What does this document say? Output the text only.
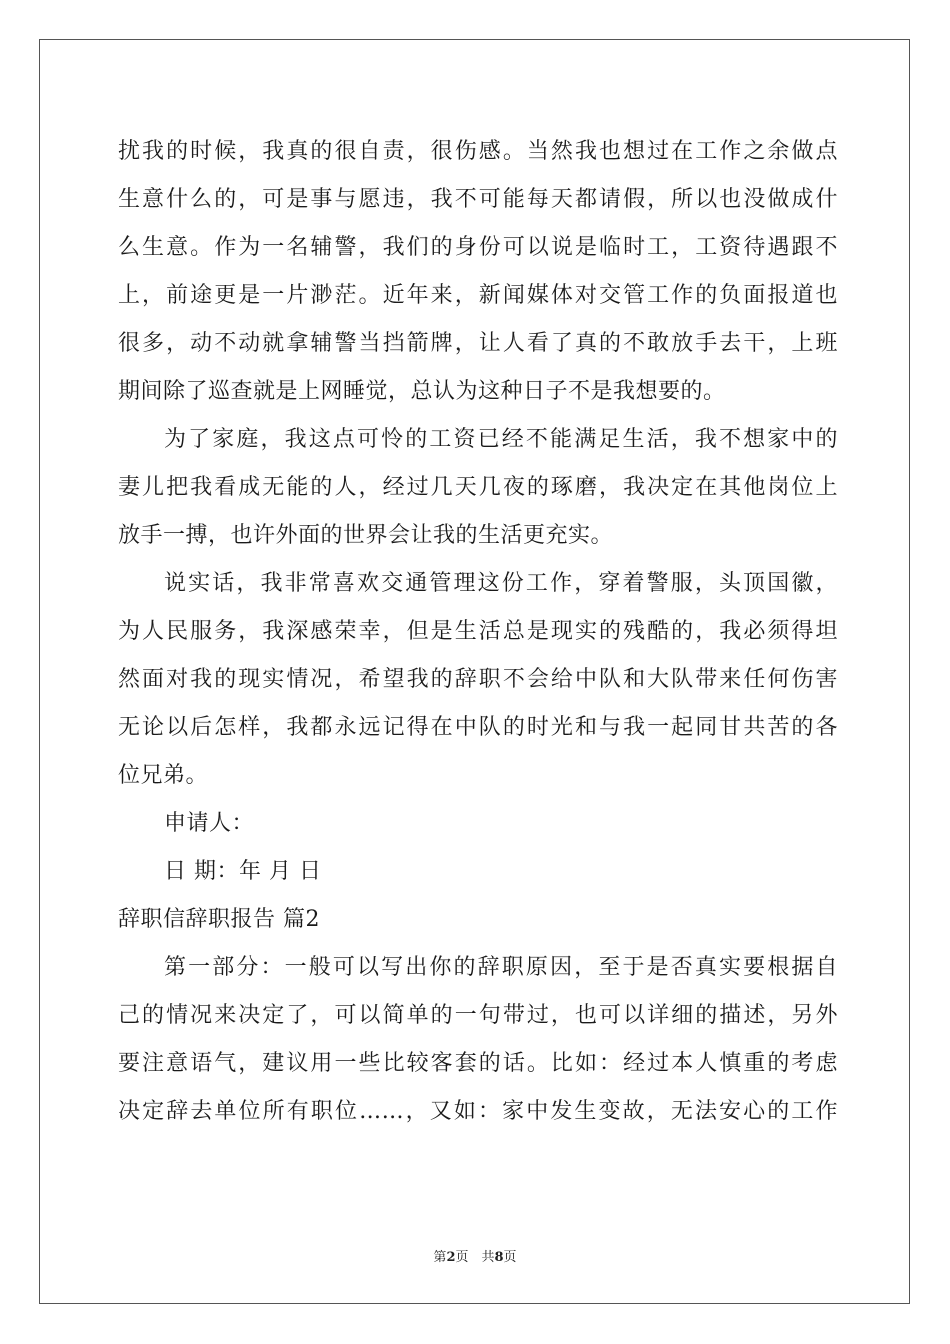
扰我的时候，我真的很自责，很伤感。当然我也想过在工作之余做点
生意什么的，可是事与愿违，我不可能每天都请假，所以也没做成什
么生意。作为一名辅警，我们的身份可以说是临时工，工资待遇跟不
上，前途更是一片渺茫。近年来，新闻媒体对交管工作的负面报道也
很多，动不动就拿辅警当挡箭牌，让人看了真的不敢放手去干，上班
期间除了巡查就是上网睡觉，总认为这种日子不是我想要的。
为了家庭，我这点可怜的工资已经不能满足生活，我不想家中的
妻儿把我看成无能的人，经过几天几夜的琢磨，我决定在其他岗位上
放手一搏，也许外面的世界会让我的生活更充实。
说实话，我非常喜欢交通管理这份工作，穿着警服，头顶国徽，
为人民服务，我深感荣幸，但是生活总是现实的残酷的，我必须得坦
然面对我的现实情况，希望我的辞职不会给中队和大队带来任何伤害
无论以后怎样，我都永远记得在中队的时光和与我一起同甘共苦的各
位兄弟。
申请人：
日 期：年 月 日
辞职信辞职报告 篇2
第一部分：一般可以写出你的辞职原因，至于是否真实要根据自
己的情况来决定了，可以简单的一句带过，也可以详细的描述，另外
要注意语气，建议用一些比较客套的话。比如：经过本人慎重的考虑
决定辞去单位所有职位……，又如：家中发生变故，无法安心的工作
第2页　共8页
